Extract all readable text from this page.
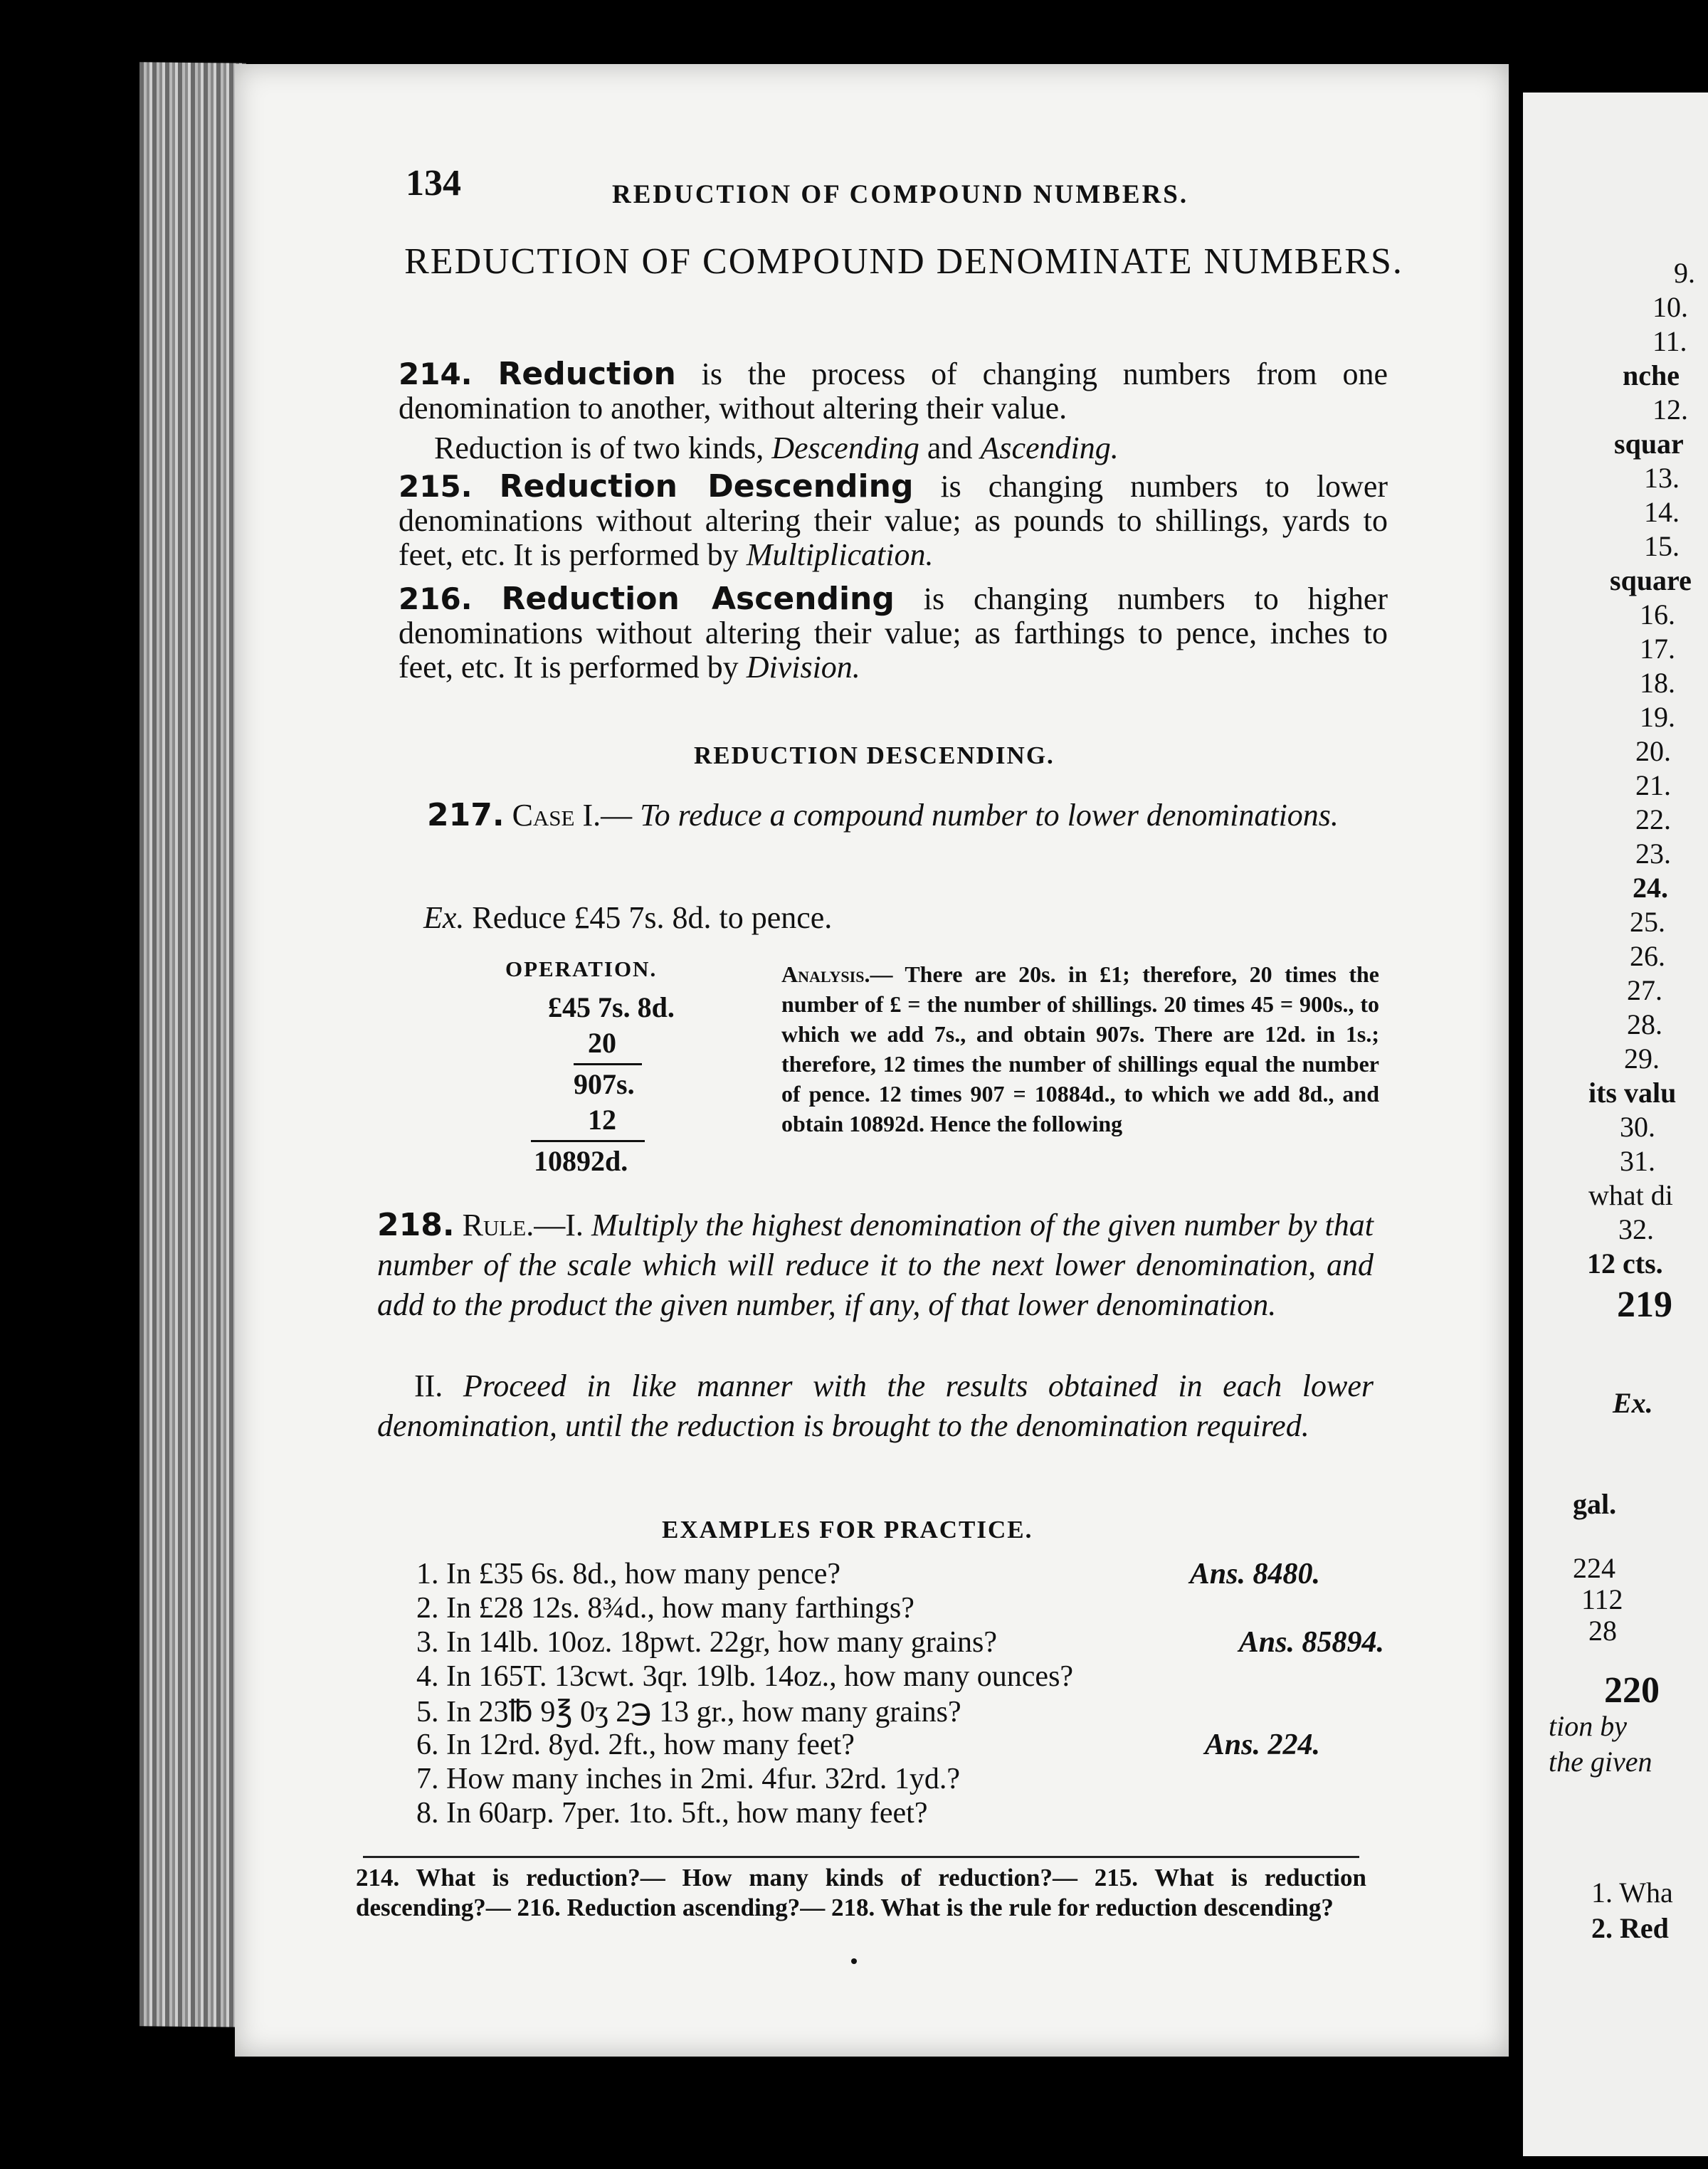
134	REDUCTION OF COMPOUND NUMBERS.
REDUCTION OF COMPOUND DENOMINATE NUMBERS.
214. Reduction is the process of changing numbers from one denomination to another, without altering their value.
Reduction is of two kinds, Descending and Ascending.
215. Reduction Descending is changing numbers to lower denominations without altering their value; as pounds to shillings, yards to feet, etc. It is performed by Multiplication.
216. Reduction Ascending is changing numbers to higher denominations without altering their value; as farthings to pence, inches to feet, etc. It is performed by Division.
REDUCTION DESCENDING.
217. Case I.— To reduce a compound number to lower denominations.
Ex. Reduce £45 7s. 8d. to pence.
OPERATION.
£45 7s. 8d.
20
907s.
12
10892d.
Analysis.— There are 20s. in £1; therefore, 20 times the number of £ = the number of shillings. 20 times 45 = 900s., to which we add 7s., and obtain 907s. There are 12d. in 1s.; therefore, 12 times the number of shillings equal the number of pence. 12 times 907 = 10884d., to which we add 8d., and obtain 10892d. Hence the following
218. Rule.—I. Multiply the highest denomination of the given number by that number of the scale which will reduce it to the next lower denomination, and add to the product the given number, if any, of that lower denomination.
II. Proceed in like manner with the results obtained in each lower denomination, until the reduction is brought to the denomination required.
EXAMPLES FOR PRACTICE.
1. In £35 6s. 8d., how many pence?	Ans. 8480.
2. In £28 12s. 8¾d., how many farthings?
3. In 14lb. 10oz. 18pwt. 22gr, how many grains?	Ans. 85894.
4. In 165T. 13cwt. 3qr. 19lb. 14oz., how many ounces?
5. In 23℔ 9℥ 0ʒ 2℈ 13 gr., how many grains?
6. In 12rd. 8yd. 2ft., how many feet?	Ans. 224.
7. How many inches in 2mi. 4fur. 32rd. 1yd.?
8. In 60arp. 7per. 1to. 5ft., how many feet?
214. What is reduction?— How many kinds of reduction?— 215. What is reduction descending?— 216. Reduction ascending?— 218. What is the rule for reduction descending?
9.
10.
11.
nche
12.
squar
13.
14.
15.
square
16.
17.
18.
19.
20.
21.
22.
23.
24.
25.
26.
27.
28.
29.
its valu
30.
31.
what di
32.
12 cts.
219
Ex.
gal.
224
112
28
220
tion by
the given
1. Wha
2. Red
